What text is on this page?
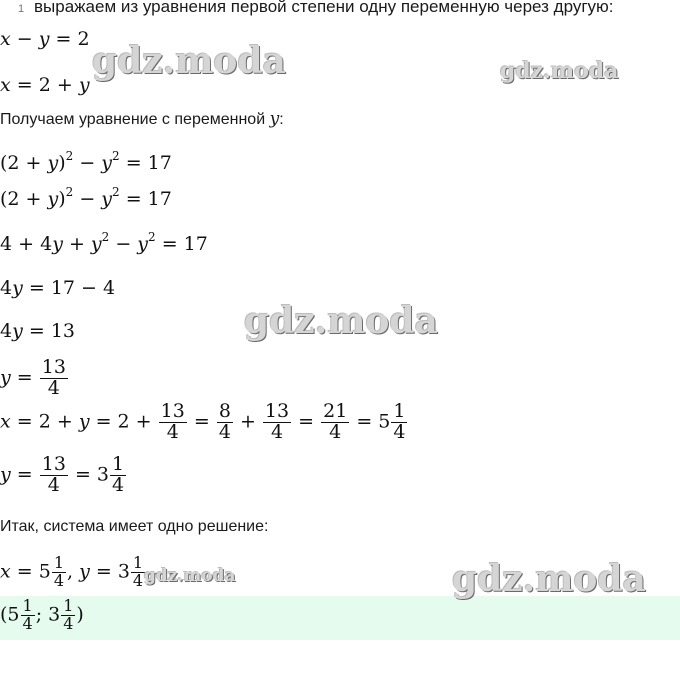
1 выражаем из уравнения первой степени одну переменную через другую:
x − y = 2
x = 2 + y
Получаем уравнение с переменной y:
$(2 + y)^2 - y^2 = 17$
$(2 + y)^2 - y^2 = 17$
$4 + 4y + y^2 - y^2 = 17$
4y = 17 − 4
4y = 13
$y = \frac{13}{4}$
$x = 2 + y = 2 + \frac{13}{4} = \frac{8}{4} + \frac{13}{4} = \frac{21}{4} = 5 \frac{1}{4}$
$y = \frac{13}{4} = 3 \frac{1}{4}$
Итак, система имеет одно решение:
$x = 5 \frac{1}{4}$ , $y = 3 \frac{1}{4}$
($5 \frac{1}{4}$ ; $3 \frac{1}{4}$ )
gdz.moda	gdz.moda
gdz.moda
gdz.moda	gdz.moda
